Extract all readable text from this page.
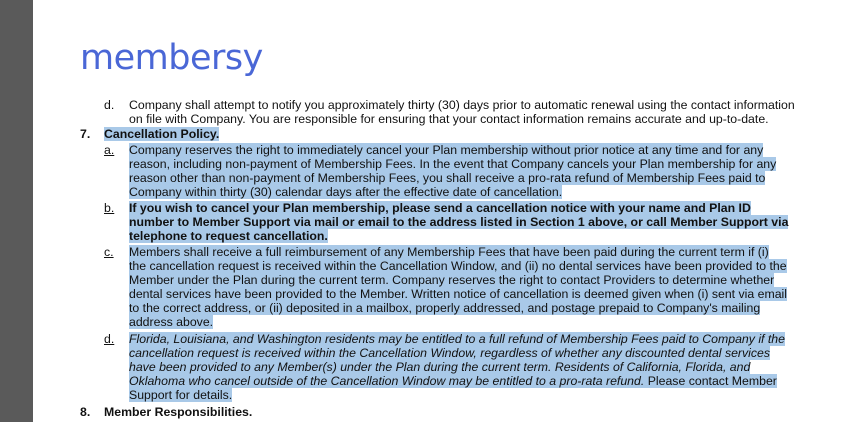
membersy
d. Company shall attempt to notify you approximately thirty (30) days prior to automatic renewal using the contact information
on file with Company. You are responsible for ensuring that your contact information remains accurate and up-to-date.
7. Cancellation Policy.
a. Company reserves the right to immediately cancel your Plan membership without prior notice at any time and for any
reason, including non-payment of Membership Fees. In the event that Company cancels your Plan membership for any
reason other than non-payment of Membership Fees, you shall receive a pro-rata refund of Membership Fees paid to
Company within thirty (30) calendar days after the effective date of cancellation.
b. If you wish to cancel your Plan membership, please send a cancellation notice with your name and Plan ID
number to Member Support via mail or email to the address listed in Section 1 above, or call Member Support via
telephone to request cancellation.
c. Members shall receive a full reimbursement of any Membership Fees that have been paid during the current term if (i)
the cancellation request is received within the Cancellation Window, and (ii) no dental services have been provided to the
Member under the Plan during the current term. Company reserves the right to contact Providers to determine whether
dental services have been provided to the Member. Written notice of cancellation is deemed given when (i) sent via email
to the correct address, or (ii) deposited in a mailbox, properly addressed, and postage prepaid to Company's mailing
address above.
d. Florida, Louisiana, and Washington residents may be entitled to a full refund of Membership Fees paid to Company if the
cancellation request is received within the Cancellation Window, regardless of whether any discounted dental services
have been provided to any Member(s) under the Plan during the current term. Residents of California, Florida, and
Oklahoma who cancel outside of the Cancellation Window may be entitled to a pro-rata refund. Please contact Member
Support for details.
8. Member Responsibilities.
